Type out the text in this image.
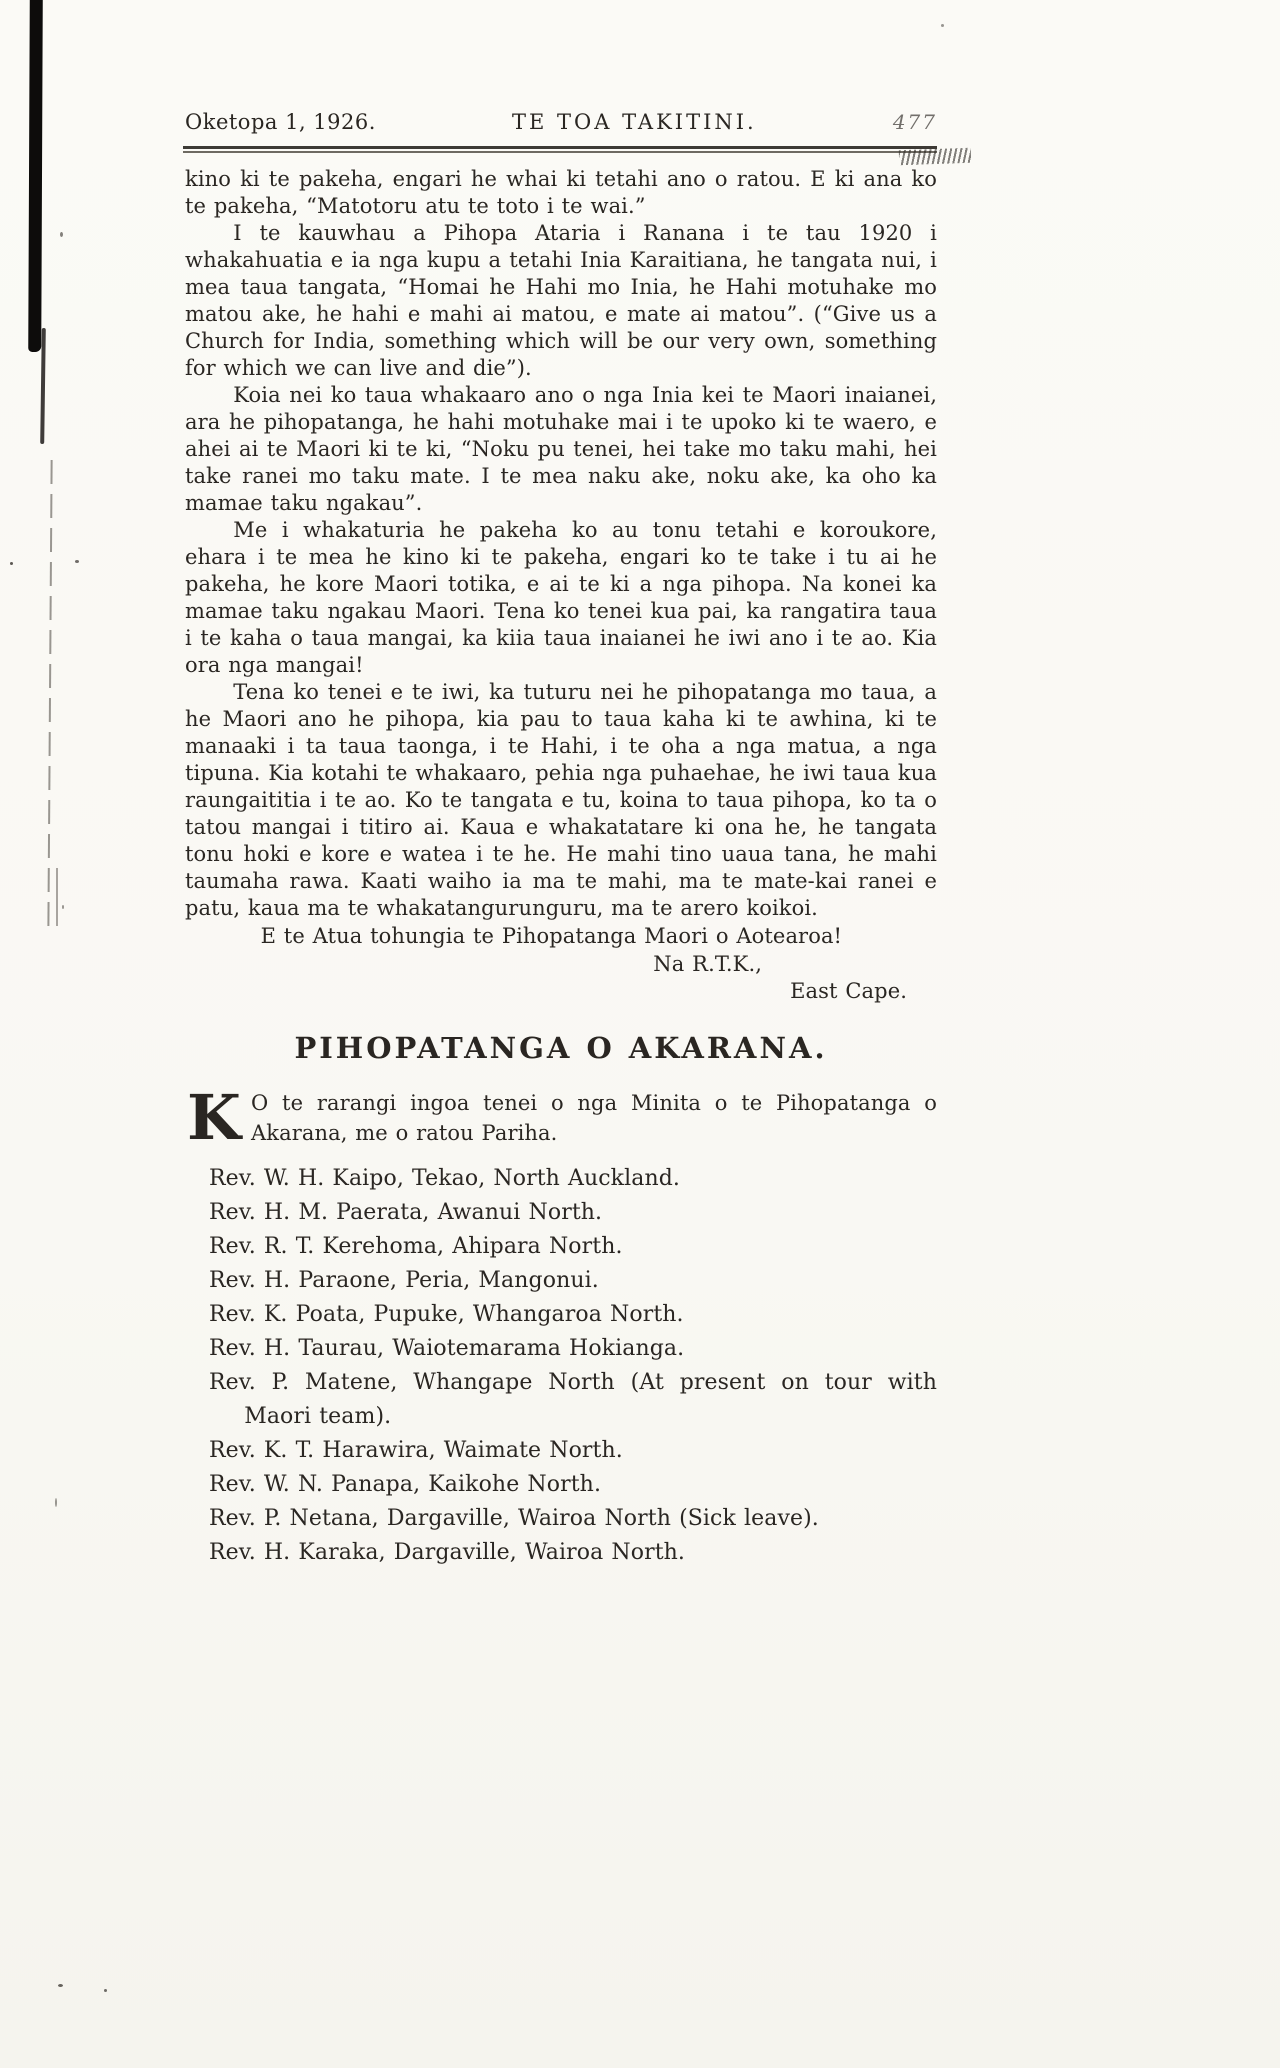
Oketopa 1, 1926.	TE TOA TAKITINI.	477

kino ki te pakeha, engari he whai ki tetahi ano o ratou. E ki ana ko te pakeha, “Matotoru atu te toto i te wai.”

I te kauwhau a Pihopa Ataria i Ranana i te tau 1920 i whakahuatia e ia nga kupu a tetahi Inia Karaitiana, he tangata nui, i mea taua tangata, “Homai he Hahi mo Inia, he Hahi motuhake mo matou ake, he hahi e mahi ai matou, e mate ai matou”. (“Give us a Church for India, something which will be our very own, something for which we can live and die”).

Koia nei ko taua whakaaro ano o nga Inia kei te Maori inaianei, ara he pihopatanga, he hahi motuhake mai i te upoko ki te waero, e ahei ai te Maori ki te ki, “Noku pu tenei, hei take mo taku mahi, hei take ranei mo taku mate. I te mea naku ake, noku ake, ka oho ka mamae taku ngakau”.

Me i whakaturia he pakeha ko au tonu tetahi e koroukore, ehara i te mea he kino ki te pakeha, engari ko te take i tu ai he pakeha, he kore Maori totika, e ai te ki a nga pihopa. Na konei ka mamae taku ngakau Maori. Tena ko tenei kua pai, ka rangatira taua i te kaha o taua mangai, ka kiia taua inaianei he iwi ano i te ao. Kia ora nga mangai!

Tena ko tenei e te iwi, ka tuturu nei he pihopatanga mo taua, a he Maori ano he pihopa, kia pau to taua kaha ki te awhina, ki te manaaki i ta taua taonga, i te Hahi, i te oha a nga matua, a nga tipuna. Kia kotahi te whakaaro, pehia nga puhaehae, he iwi taua kua raungaititia i te ao. Ko te tangata e tu, koina to taua pihopa, ko ta o tatou mangai i titiro ai. Kaua e whakatatare ki ona he, he tangata tonu hoki e kore e watea i te he. He mahi tino uaua tana, he mahi taumaha rawa. Kaati waiho ia ma te mahi, ma te mate-kai ranei e patu, kaua ma te whakatangurunguru, ma te arero koikoi.

E te Atua tohungia te Pihopatanga Maori o Aotearoa!

Na R.T.K.,
East Cape.
PIHOPATANGA O AKARANA.

K O te rarangi ingoa tenei o nga Minita o te Pihopatanga o Akarana, me o ratou Pariha.

Rev. W. H. Kaipo, Tekao, North Auckland.
Rev. H. M. Paerata, Awanui North.
Rev. R. T. Kerehoma, Ahipara North.
Rev. H. Paraone, Peria, Mangonui.
Rev. K. Poata, Pupuke, Whangaroa North.
Rev. H. Taurau, Waiotemarama Hokianga.
Rev. P. Matene, Whangape North (At present on tour with Maori team).
Rev. K. T. Harawira, Waimate North.
Rev. W. N. Panapa, Kaikohe North.
Rev. P. Netana, Dargaville, Wairoa North (Sick leave).
Rev. H. Karaka, Dargaville, Wairoa North.
